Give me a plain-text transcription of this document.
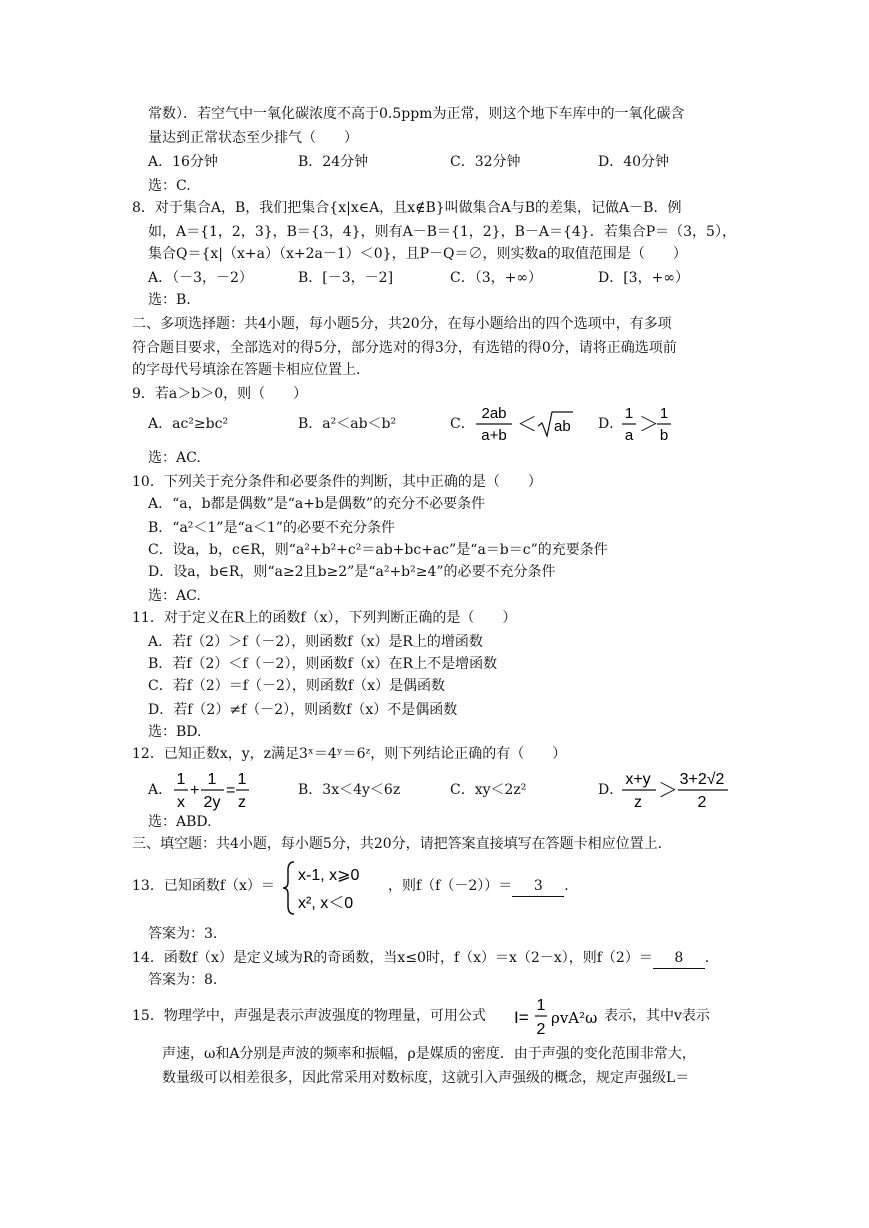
常数）．若空气中一氧化碳浓度不高于0.5ppm为正常，则这个地下车库中的一氧化碳含
量达到正常状态至少排气（　　）
A．16分钟	B．24分钟	C．32分钟	D．40分钟
选：C.
8．对于集合A，B，我们把集合{x|x∈A，且x∉B}叫做集合A与B的差集，记做A－B．例
如，A＝{1，2，3}，B＝{3，4}，则有A－B＝{1，2}，B－A＝{4}．若集合P＝（3，5），
集合Q＝{x|（x+a）（x+2a－1）＜0}，且P－Q＝∅，则实数a的取值范围是（　　）
A．（－3，－2）	B．[－3，－2]	C．（3，+∞）	D．[3，+∞）
选：B.
二、多项选择题：共4小题，每小题5分，共20分，在每小题给出的四个选项中，有多项
符合题目要求，全部选对的得5分，部分选对的得3分，有选错的得0分，请将正确选项前
的字母代号填涂在答题卡相应位置上.
9．若a＞b＞0，则（　　）
A．ac²≥bc²	B．a²＜ab＜b²	C．
2ab
a+b ＜ ab D．
1
a ＞ 1
b
选：AC.
10．下列关于充分条件和必要条件的判断，其中正确的是（　　）
A．“a，b都是偶数”是“a+b是偶数”的充分不必要条件
B．“a²＜1”是“a＜1”的必要不充分条件
C．设a，b，c∈R，则“a²+b²+c²＝ab+bc+ac”是“a＝b＝c”的充要条件
D．设a，b∈R，则“a≥2且b≥2”是“a²+b²≥4”的必要不充分条件
选：AC.
11．对于定义在R上的函数f（x），下列判断正确的是（　　）
A．若f（2）＞f（－2），则函数f（x）是R上的增函数
B．若f（2）＜f（－2），则函数f（x）在R上不是增函数
C．若f（2）＝f（－2），则函数f（x）是偶函数
D．若f（2）≠f（－2），则函数f（x）不是偶函数
选：BD.
12．已知正数x，y，z满足3ˣ＝4ʸ＝6ᶻ，则下列结论正确的有（　　）
A．
1
x
+
1
2y
=
1
z
B．3x＜4y＜6z	C．xy＜2z²	D．
x+y
z
＞ 3+2√2
2
选：ABD.
三、填空题：共4小题，每小题5分，共20分，请把答案直接填写在答题卡相应位置上.
13．已知函数f（x）＝
x-1, x⩾0
x², x＜0
，则f（f（－2））＝ 3 ．
答案为：3.
14．函数f（x）是定义域为R的奇函数，当x≤0时，f（x）＝x（2－x），则f（2）＝ 8 ．
答案为：8.
15．物理学中，声强是表示声波强度的物理量，可用公式 I=
1
2
ρvA²ω 表示，其中v表示
声速，ω和A分别是声波的频率和振幅，ρ是媒质的密度．由于声强的变化范围非常大，
数量级可以相差很多，因此常采用对数标度，这就引入声强级的概念，规定声强级L＝
